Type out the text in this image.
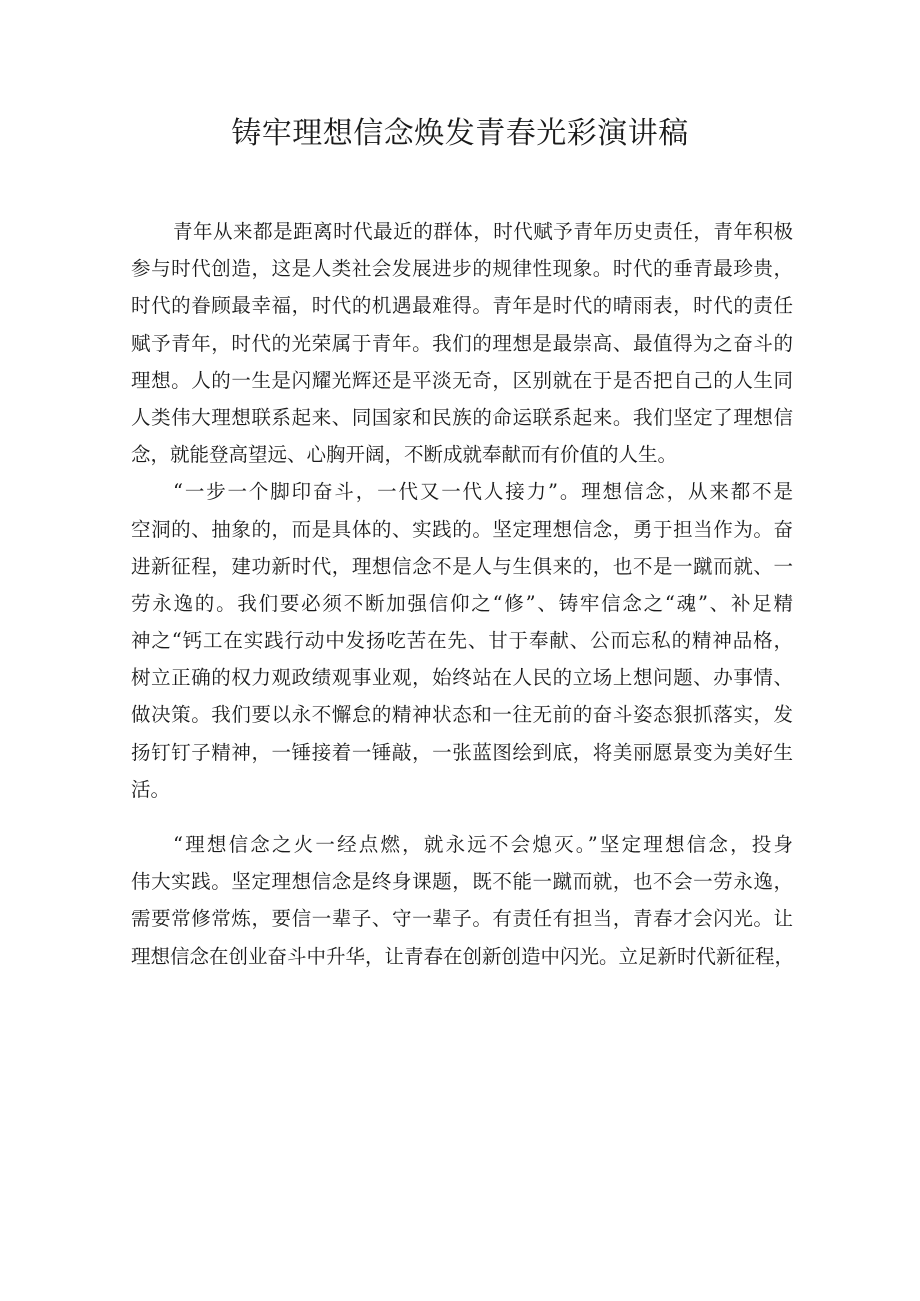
铸牢理想信念焕发青春光彩演讲稿
青年从来都是距离时代最近的群体，时代赋予青年历史责任，青年积极
参与时代创造，这是人类社会发展进步的规律性现象。时代的垂青最珍贵，
时代的眷顾最幸福，时代的机遇最难得。青年是时代的晴雨表，时代的责任
赋予青年，时代的光荣属于青年。我们的理想是最崇高、最值得为之奋斗的
理想。人的一生是闪耀光辉还是平淡无奇，区别就在于是否把自己的人生同
人类伟大理想联系起来、同国家和民族的命运联系起来。我们坚定了理想信
念，就能登高望远、心胸开阔，不断成就奉献而有价值的人生。
“一步一个脚印奋斗，一代又一代人接力”。理想信念，从来都不是
空洞的、抽象的，而是具体的、实践的。坚定理想信念，勇于担当作为。奋
进新征程，建功新时代，理想信念不是人与生俱来的，也不是一蹴而就、一
劳永逸的。我们要必须不断加强信仰之“修”、铸牢信念之“魂”、补足精
神之“钙工在实践行动中发扬吃苦在先、甘于奉献、公而忘私的精神品格，
树立正确的权力观政绩观事业观，始终站在人民的立场上想问题、办事情、
做决策。我们要以永不懈怠的精神状态和一往无前的奋斗姿态狠抓落实，发
扬钉钉子精神，一锤接着一锤敲，一张蓝图绘到底，将美丽愿景变为美好生
活。
“理想信念之火一经点燃，就永远不会熄灭。”坚定理想信念，投身
伟大实践。坚定理想信念是终身课题，既不能一蹴而就，也不会一劳永逸，
需要常修常炼，要信一辈子、守一辈子。有责任有担当，青春才会闪光。让
理想信念在创业奋斗中升华，让青春在创新创造中闪光。立足新时代新征程，
